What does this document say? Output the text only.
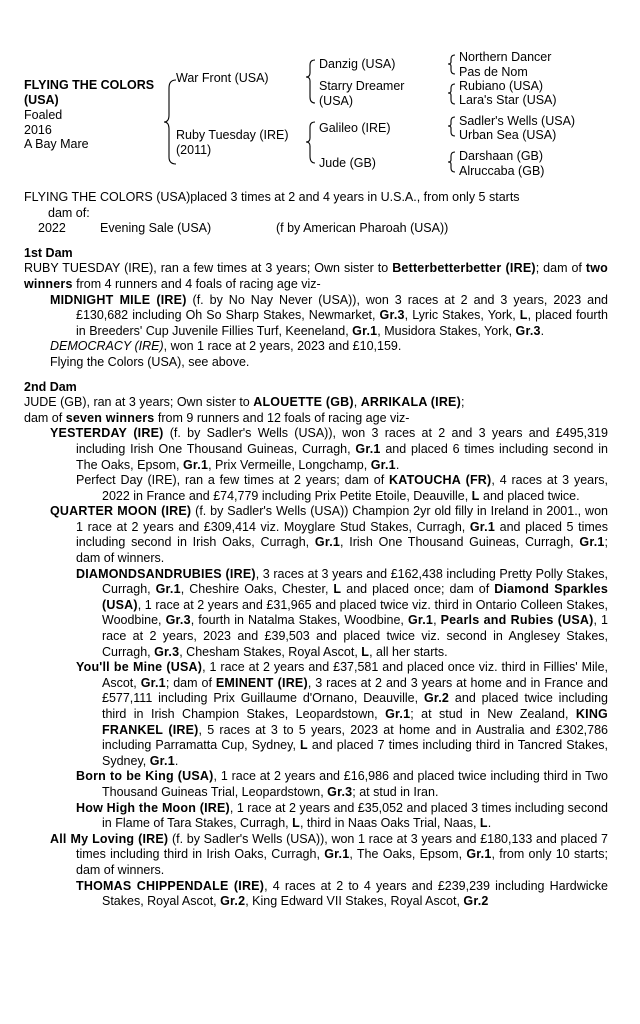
FLYING THE COLORS (USA)
Foaled
2016
A Bay Mare
War Front (USA)
Ruby Tuesday (IRE) (2011)
Danzig (USA)
Starry Dreamer (USA)
Galileo (IRE)
Jude (GB)
Northern Dancer
Pas de Nom
Rubiano (USA)
Lara's Star (USA)
Sadler's Wells (USA)
Urban Sea (USA)
Darshaan (GB)
Alruccaba (GB)

FLYING THE COLORS (USA)placed 3 times at 2 and 4 years in U.S.A., from only 5 starts

dam of:

2022	Evening Sale (USA)	(f by American Pharoah (USA))

1st Dam

RUBY TUESDAY (IRE), ran a few times at 3 years; Own sister to Betterbetterbetter (IRE); dam of two winners from 4 runners and 4 foals of racing age viz-

MIDNIGHT MILE (IRE) (f. by No Nay Never (USA)), won 3 races at 2 and 3 years, 2023 and £130,682 including Oh So Sharp Stakes, Newmarket, Gr.3, Lyric Stakes, York, L, placed fourth in Breeders' Cup Juvenile Fillies Turf, Keeneland, Gr.1, Musidora Stakes, York, Gr.3.

DEMOCRACY (IRE), won 1 race at 2 years, 2023 and £10,159.

Flying the Colors (USA), see above.

2nd Dam

JUDE (GB), ran at 3 years; Own sister to ALOUETTE (GB), ARRIKALA (IRE);

dam of seven winners from 9 runners and 12 foals of racing age viz-

YESTERDAY (IRE) (f. by Sadler's Wells (USA)), won 3 races at 2 and 3 years and £495,319 including Irish One Thousand Guineas, Curragh, Gr.1 and placed 6 times including second in The Oaks, Epsom, Gr.1, Prix Vermeille, Longchamp, Gr.1.

Perfect Day (IRE), ran a few times at 2 years; dam of KATOUCHA (FR), 4 races at 3 years, 2022 in France and £74,779 including Prix Petite Etoile, Deauville, L and placed twice.

QUARTER MOON (IRE) (f. by Sadler's Wells (USA)) Champion 2yr old filly in Ireland in 2001., won 1 race at 2 years and £309,414 viz. Moyglare Stud Stakes, Curragh, Gr.1 and placed 5 times including second in Irish Oaks, Curragh, Gr.1, Irish One Thousand Guineas, Curragh, Gr.1; dam of winners.

DIAMONDSANDRUBIES (IRE), 3 races at 3 years and £162,438 including Pretty Polly Stakes, Curragh, Gr.1, Cheshire Oaks, Chester, L and placed once; dam of Diamond Sparkles (USA), 1 race at 2 years and £31,965 and placed twice viz. third in Ontario Colleen Stakes, Woodbine, Gr.3, fourth in Natalma Stakes, Woodbine, Gr.1, Pearls and Rubies (USA), 1 race at 2 years, 2023 and £39,503 and placed twice viz. second in Anglesey Stakes, Curragh, Gr.3, Chesham Stakes, Royal Ascot, L, all her starts.

You'll be Mine (USA), 1 race at 2 years and £37,581 and placed once viz. third in Fillies' Mile, Ascot, Gr.1; dam of EMINENT (IRE), 3 races at 2 and 3 years at home and in France and £577,111 including Prix Guillaume d'Ornano, Deauville, Gr.2 and placed twice including third in Irish Champion Stakes, Leopardstown, Gr.1; at stud in New Zealand, KING FRANKEL (IRE), 5 races at 3 to 5 years, 2023 at home and in Australia and £302,786 including Parramatta Cup, Sydney, L and placed 7 times including third in Tancred Stakes, Sydney, Gr.1.

Born to be King (USA), 1 race at 2 years and £16,986 and placed twice including third in Two Thousand Guineas Trial, Leopardstown, Gr.3; at stud in Iran.

How High the Moon (IRE), 1 race at 2 years and £35,052 and placed 3 times including second in Flame of Tara Stakes, Curragh, L, third in Naas Oaks Trial, Naas, L.

All My Loving (IRE) (f. by Sadler's Wells (USA)), won 1 race at 3 years and £180,133 and placed 7 times including third in Irish Oaks, Curragh, Gr.1, The Oaks, Epsom, Gr.1, from only 10 starts; dam of winners.

THOMAS CHIPPENDALE (IRE), 4 races at 2 to 4 years and £239,239 including Hardwicke Stakes, Royal Ascot, Gr.2, King Edward VII Stakes, Royal Ascot, Gr.2
